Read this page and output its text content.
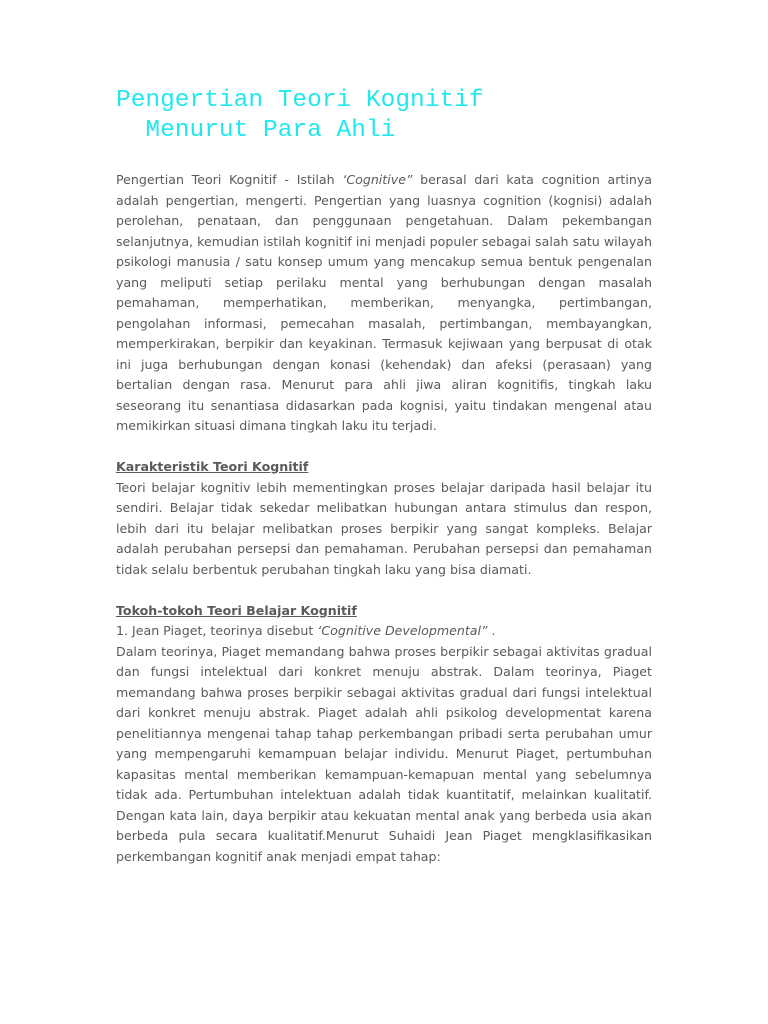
Pengertian Teori Kognitif
Menurut Para Ahli

Pengertian Teori Kognitif - Istilah ‘Cognitive” berasal dari kata cognition artinya adalah pengertian, mengerti. Pengertian yang luasnya cognition (kognisi) adalah perolehan, penataan, dan penggunaan pengetahuan. Dalam pekembangan selanjutnya, kemudian istilah kognitif ini menjadi populer sebagai salah satu wilayah psikologi manusia / satu konsep umum yang mencakup semua bentuk pengenalan yang meliputi setiap perilaku mental yang berhubungan dengan masalah pemahaman, memperhatikan, memberikan, menyangka, pertimbangan, pengolahan informasi, pemecahan masalah, pertimbangan, membayangkan, memperkirakan, berpikir dan keyakinan. Termasuk kejiwaan yang berpusat di otak ini juga berhubungan dengan konasi (kehendak) dan afeksi (perasaan) yang bertalian dengan rasa. Menurut para ahli jiwa aliran kognitifis, tingkah laku seseorang itu senantiasa didasarkan pada kognisi, yaitu tindakan mengenal atau memikirkan situasi dimana tingkah laku itu terjadi.

Karakteristik Teori Kognitif

Teori belajar kognitiv lebih mementingkan proses belajar daripada hasil belajar itu sendiri. Belajar tidak sekedar melibatkan hubungan antara stimulus dan respon, lebih dari itu belajar melibatkan proses berpikir yang sangat kompleks. Belajar adalah perubahan persepsi dan pemahaman. Perubahan persepsi dan pemahaman tidak selalu berbentuk perubahan tingkah laku yang bisa diamati.

Tokoh-tokoh Teori Belajar Kognitif

1. Jean Piaget, teorinya disebut ‘Cognitive Developmental” .

Dalam teorinya, Piaget memandang bahwa proses berpikir sebagai aktivitas gradual dan fungsi intelektual dari konkret menuju abstrak. Dalam teorinya, Piaget memandang bahwa proses berpikir sebagai aktivitas gradual dari fungsi intelektual dari konkret menuju abstrak. Piaget adalah ahli psikolog developmentat karena penelitiannya mengenai tahap tahap perkembangan pribadi serta perubahan umur yang mempengaruhi kemampuan belajar individu. Menurut Piaget, pertumbuhan kapasitas mental memberikan kemampuan-kemapuan mental yang sebelumnya tidak ada. Pertumbuhan intelektuan adalah tidak kuantitatif, melainkan kualitatif. Dengan kata lain, daya berpikir atau kekuatan mental anak yang berbeda usia akan berbeda pula secara kualitatif.Menurut Suhaidi Jean Piaget mengklasifikasikan perkembangan kognitif anak menjadi empat tahap:
